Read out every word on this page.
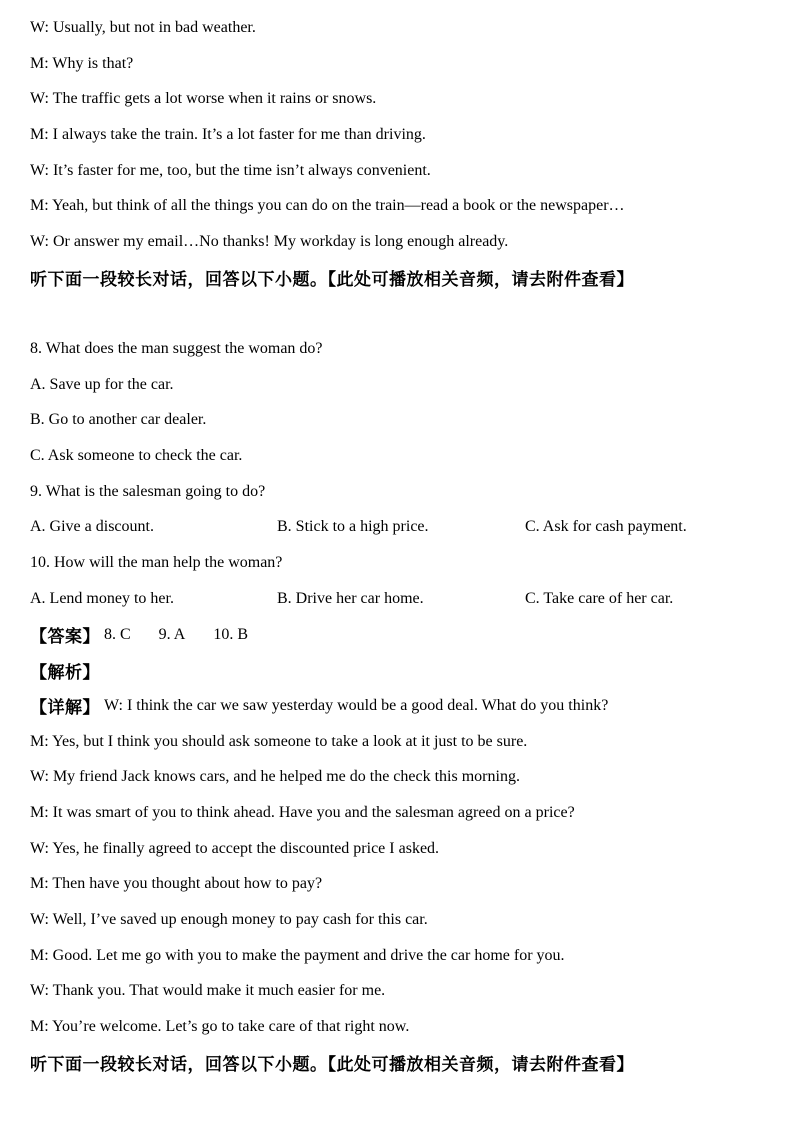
W: Usually, but not in bad weather.
M: Why is that?
W: The traffic gets a lot worse when it rains or snows.
M: I always take the train. It’s a lot faster for me than driving.
W: It’s faster for me, too, but the time isn’t always convenient.
M: Yeah, but think of all the things you can do on the train—read a book or the newspaper…
W: Or answer my email…No thanks! My workday is long enough already.
听下面一段较长对话，回答以下小题。【此处可播放相关音频，请去附件查看】
8. What does the man suggest the woman do?
A. Save up for the car.
B. Go to another car dealer.
C. Ask someone to check the car.
9. What is the salesman going to do?
A. Give a discount.	B. Stick to a high price.	C. Ask for cash payment.
10. How will the man help the woman?
A. Lend money to her.	B. Drive her car home.	C. Take care of her car.
【答案】 8. C 9. A 10. B
【解析】
【详解】 W: I think the car we saw yesterday would be a good deal. What do you think?
M: Yes, but I think you should ask someone to take a look at it just to be sure.
W: My friend Jack knows cars, and he helped me do the check this morning.
M: It was smart of you to think ahead. Have you and the salesman agreed on a price?
W: Yes, he finally agreed to accept the discounted price I asked.
M: Then have you thought about how to pay?
W: Well, I’ve saved up enough money to pay cash for this car.
M: Good. Let me go with you to make the payment and drive the car home for you.
W: Thank you. That would make it much easier for me.
M: You’re welcome. Let’s go to take care of that right now.
听下面一段较长对话，回答以下小题。【此处可播放相关音频，请去附件查看】
